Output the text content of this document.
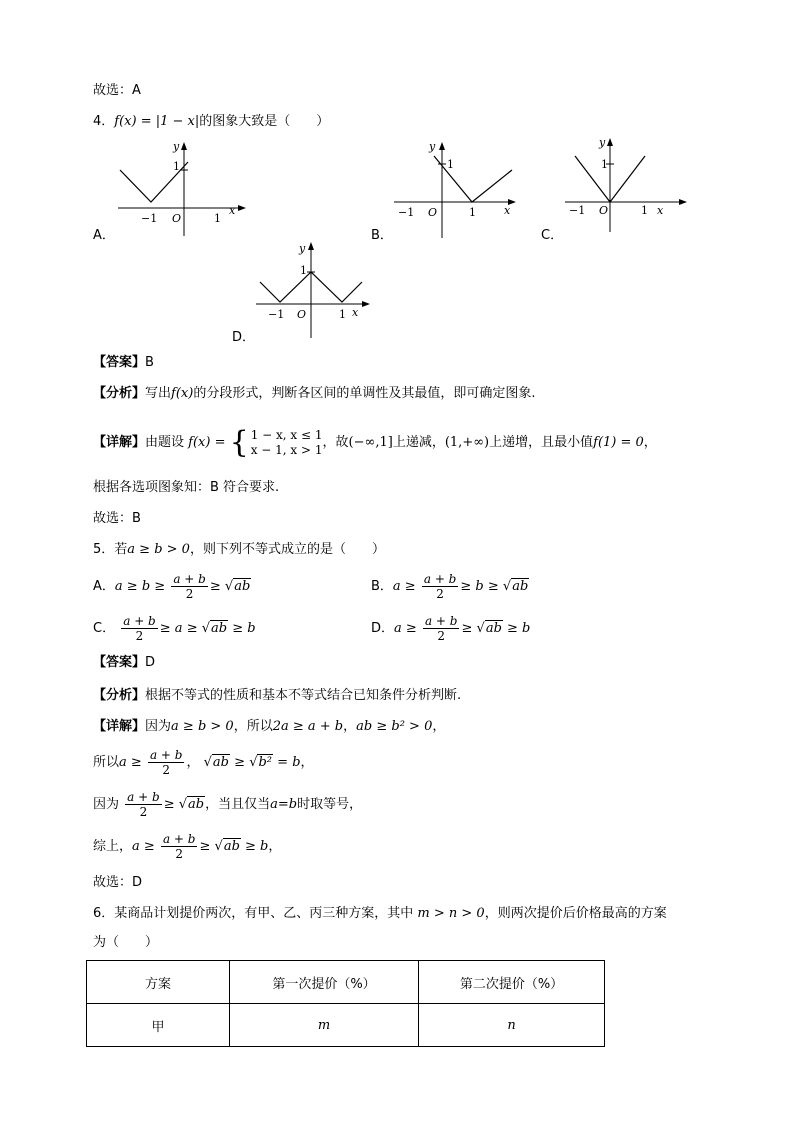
故选：A
4．f(x) = |1 − x|的图象大致是（　　）
y
1
−1 O	1
x
A．
y
1
−1 O	1	x
B．
y
1
−1 O	1 x
C．
y
1
−1 O	1 x
D．
【答案】B
【分析】写出f(x)的分段形式，判断各区间的单调性及其最值，即可确定图象.
【详解】由题设 f(x) = { 1 − x, x ≤ 1
x − 1, x > 1 ，故(−∞,1]上递减，(1,+∞)上递增，且最小值f(1) = 0，
根据各选项图象知：B 符合要求.
故选：B
5．若a ≥ b > 0，则下列不等式成立的是（　　）
A．$a \ge b \ge \frac{a + b}{2} \ge √ab$	B．$a \ge \frac{a + b}{2} \ge b \ge √ab$
C． $\frac{a + b}{2} \ge a \ge √ab \ge b$	D．$a \ge \frac{a + b}{2} \ge √ab \ge b$
【答案】D
【分析】根据不等式的性质和基本不等式结合已知条件分析判断.
【详解】因为a ≥ b > 0，所以2a ≥ a + b，ab ≥ b² > 0，
所以$a \ge \frac{a + b}{2}$ ， √ab ≥ √b² = b，
因为 $\frac{a + b}{2} \ge √ab$，当且仅当a=b时取等号，
综上，$a \ge \frac{a + b}{2} \ge √ab \ge b$，
故选：D
6．某商品计划提价两次，有甲、乙、丙三种方案，其中 m > n > 0，则两次提价后价格最高的方案
为（　　）
方案	第一次提价（%）	第二次提价（%）
甲	m	n
